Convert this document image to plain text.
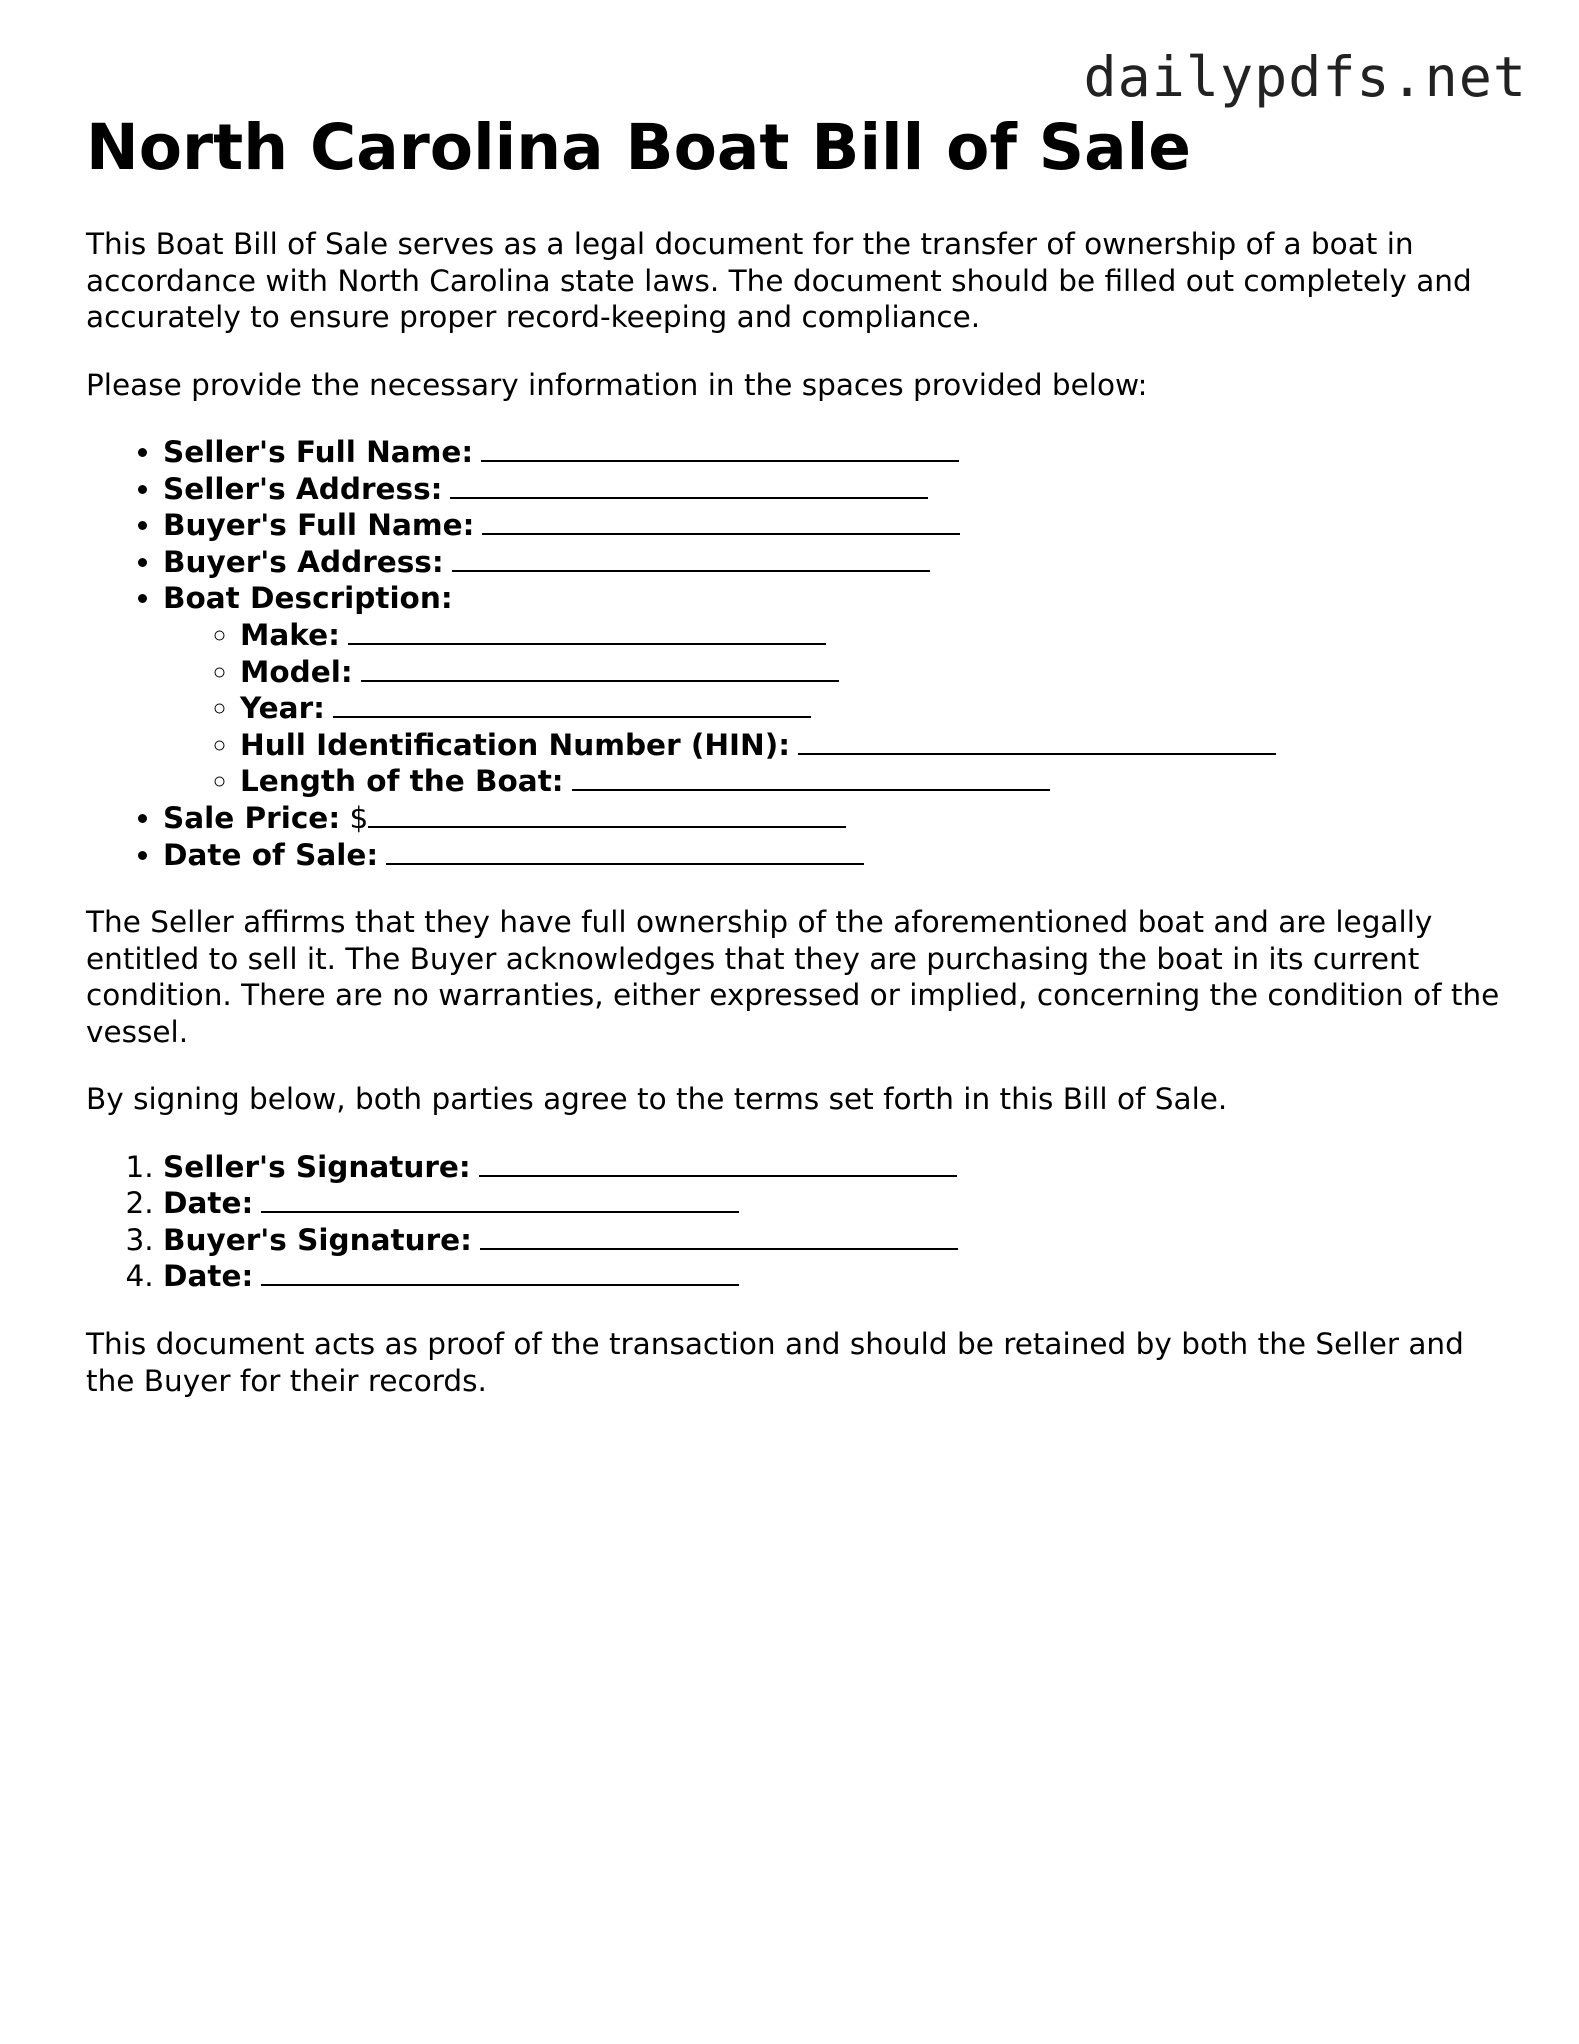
dailypdfs.net
North Carolina Boat Bill of Sale

This Boat Bill of Sale serves as a legal document for the transfer of ownership of a boat in accordance with North Carolina state laws. The document should be filled out completely and accurately to ensure proper record-keeping and compliance.

Please provide the necessary information in the spaces provided below:

• Seller's Full Name:
• Seller's Address:
• Buyer's Full Name:
• Buyer's Address:
• Boat Description:
◦ Make:
◦ Model:
◦ Year:
◦ Hull Identification Number (HIN):
◦ Length of the Boat:
• Sale Price: $
• Date of Sale:

The Seller affirms that they have full ownership of the aforementioned boat and are legally entitled to sell it. The Buyer acknowledges that they are purchasing the boat in its current condition. There are no warranties, either expressed or implied, concerning the condition of the vessel.

By signing below, both parties agree to the terms set forth in this Bill of Sale.

1. Seller's Signature:
2. Date:
3. Buyer's Signature:
4. Date:

This document acts as proof of the transaction and should be retained by both the Seller and the Buyer for their records.
